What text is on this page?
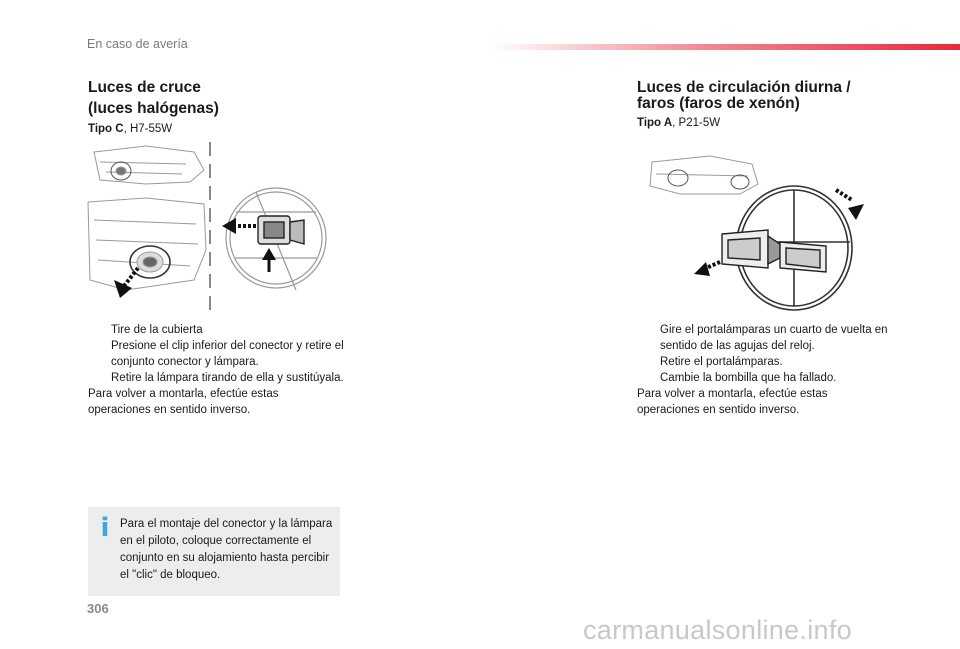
En caso de avería
Luces de cruce
(luces halógenas)
Tipo C, H7-55W
Tire de la cubierta
Presione el clip inferior del conector y retire el conjunto conector y lámpara.
Retire la lámpara tirando de ella y sustitúyala.
Para volver a montarla, efectúe estas operaciones en sentido inverso.
i Para el montaje del conector y la lámpara en el piloto, coloque correctamente el conjunto en su alojamiento hasta percibir el "clic" de bloqueo.
Luces de circulación diurna /
faros (faros de xenón)
Tipo A, P21-5W
Gire el portalámparas un cuarto de vuelta en sentido de las agujas del reloj.
Retire el portalámparas.
Cambie la bombilla que ha fallado.
Para volver a montarla, efectúe estas operaciones en sentido inverso.
306
carmanualsonline.info
